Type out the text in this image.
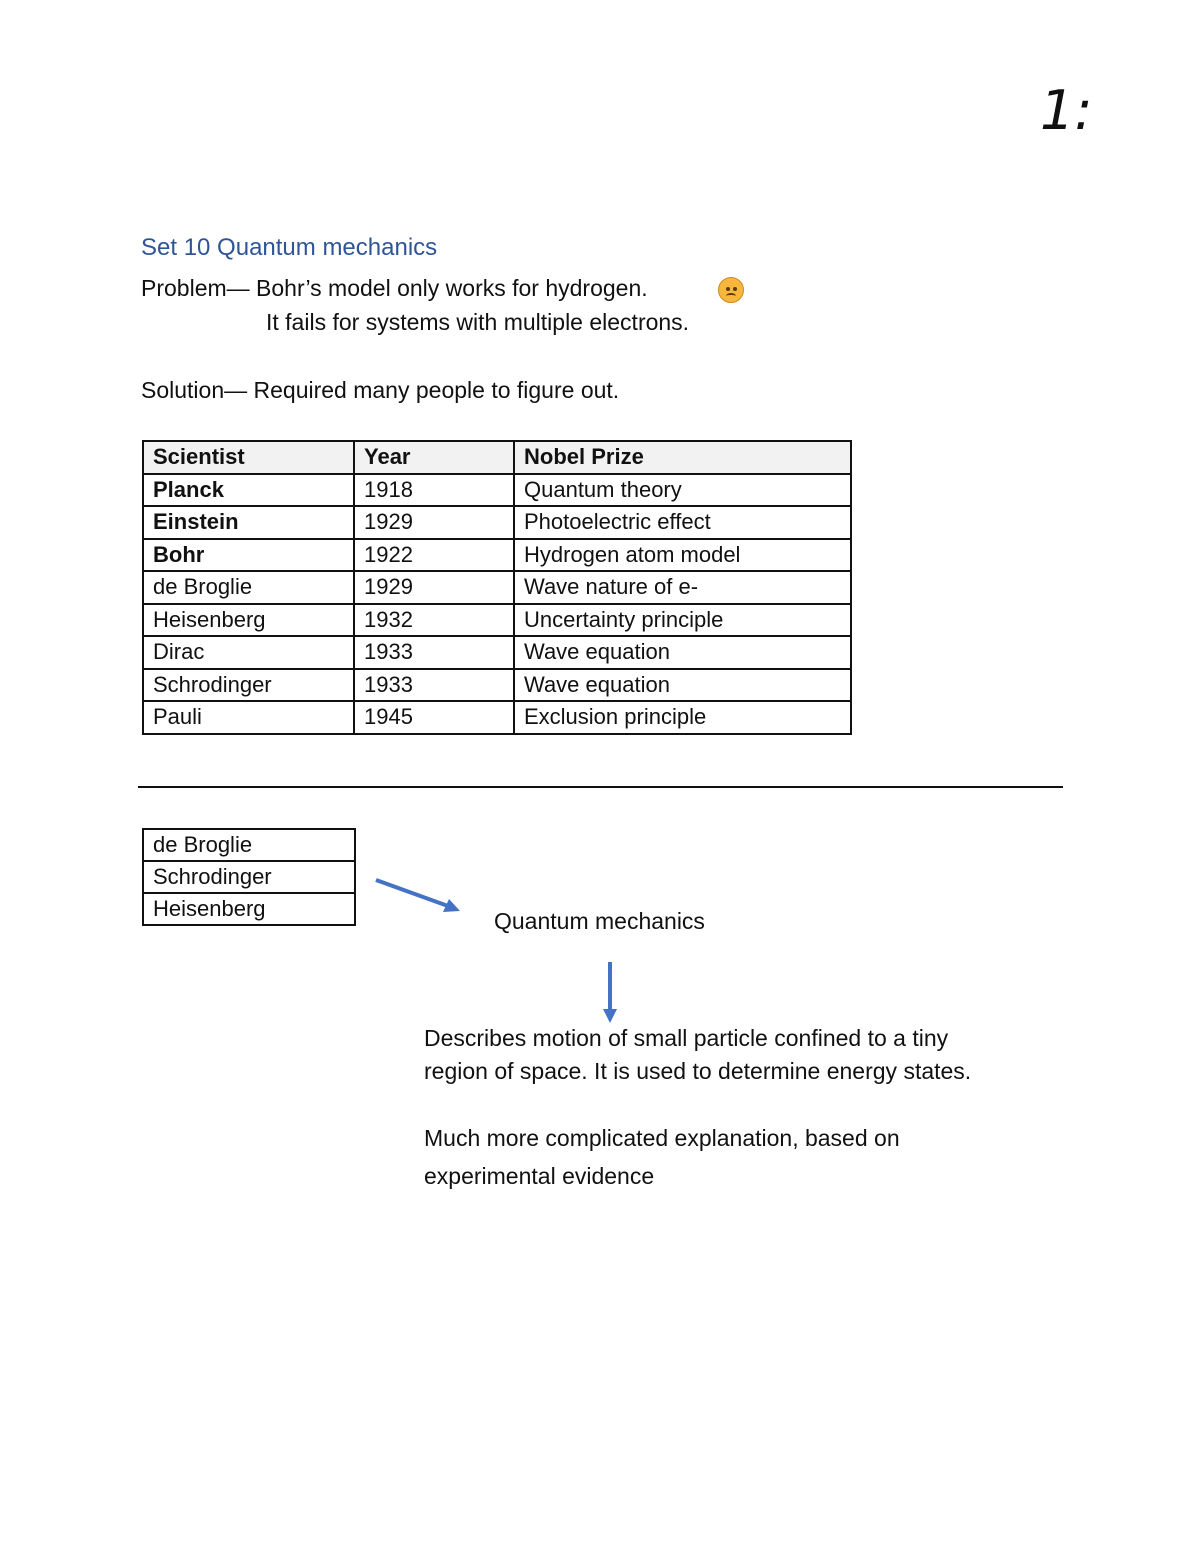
1:
Set 10 Quantum mechanics
Problem— Bohr’s model only works for hydrogen.
It fails for systems with multiple electrons.
Solution— Required many people to figure out.
Scientist	Year	Nobel Prize
Planck	1918	Quantum theory
Einstein	1929	Photoelectric effect
Bohr	1922	Hydrogen atom model
de Broglie	1929	Wave nature of e-
Heisenberg	1932	Uncertainty principle
Dirac	1933	Wave equation
Schrodinger	1933	Wave equation
Pauli	1945	Exclusion principle
de Broglie
Schrodinger
Heisenberg	Quantum mechanics
Describes motion of small particle confined to a tiny
region of space. It is used to determine energy states.
Much more complicated explanation, based on
experimental evidence
